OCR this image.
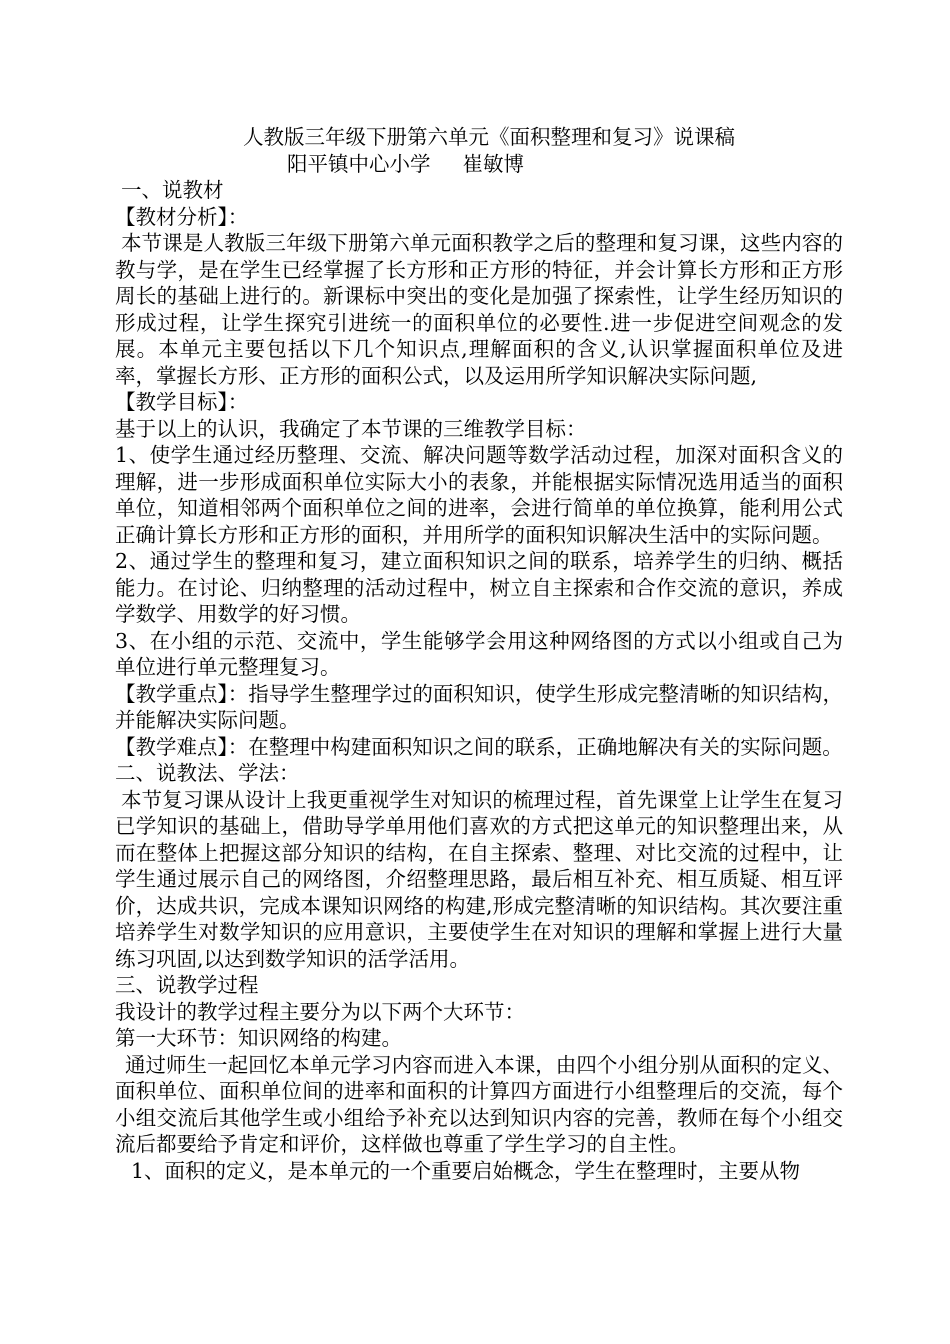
人教版三年级下册第六单元《面积整理和复习》说课稿

阳平镇中心小学 崔敏博

一、说教材

【教材分析】：

本节课是人教版三年级下册第六单元面积教学之后的整理和复习课，这些内容的教与学，是在学生已经掌握了长方形和正方形的特征，并会计算长方形和正方形周长的基础上进行的。新课标中突出的变化是加强了探索性，让学生经历知识的形成过程，让学生探究引进统一的面积单位的必要性.进一步促进空间观念的发展。本单元主要包括以下几个知识点,理解面积的含义,认识掌握面积单位及进率，掌握长方形、正方形的面积公式，以及运用所学知识解决实际问题,

【教学目标】：

基于以上的认识，我确定了本节课的三维教学目标：

1、使学生通过经历整理、交流、解决问题等数学活动过程，加深对面积含义的理解，进一步形成面积单位实际大小的表象，并能根据实际情况选用适当的面积单位，知道相邻两个面积单位之间的进率，会进行简单的单位换算，能利用公式正确计算长方形和正方形的面积，并用所学的面积知识解决生活中的实际问题。

2、通过学生的整理和复习，建立面积知识之间的联系，培养学生的归纳、概括能力。在讨论、归纳整理的活动过程中，树立自主探索和合作交流的意识，养成学数学、用数学的好习惯。

3、在小组的示范、交流中，学生能够学会用这种网络图的方式以小组或自己为单位进行单元整理复习。

【教学重点】：指导学生整理学过的面积知识，使学生形成完整清晰的知识结构，并能解决实际问题。

【教学难点】：在整理中构建面积知识之间的联系，正确地解决有关的实际问题。

二、说教法、学法：

本节复习课从设计上我更重视学生对知识的梳理过程，首先课堂上让学生在复习已学知识的基础上，借助导学单用他们喜欢的方式把这单元的知识整理出来，从而在整体上把握这部分知识的结构，在自主探索、整理、对比交流的过程中，让学生通过展示自己的网络图，介绍整理思路，最后相互补充、相互质疑、相互评价，达成共识，完成本课知识网络的构建,形成完整清晰的知识结构。其次要注重培养学生对数学知识的应用意识，主要使学生在对知识的理解和掌握上进行大量练习巩固,以达到数学知识的活学活用。

三、说教学过程

我设计的教学过程主要分为以下两个大环节：

第一大环节：知识网络的构建。

通过师生一起回忆本单元学习内容而进入本课，由四个小组分别从面积的定义、面积单位、面积单位间的进率和面积的计算四方面进行小组整理后的交流，每个小组交流后其他学生或小组给予补充以达到知识内容的完善，教师在每个小组交流后都要给予肯定和评价，这样做也尊重了学生学习的自主性。

1、面积的定义，是本单元的一个重要启始概念，学生在整理时，主要从物
